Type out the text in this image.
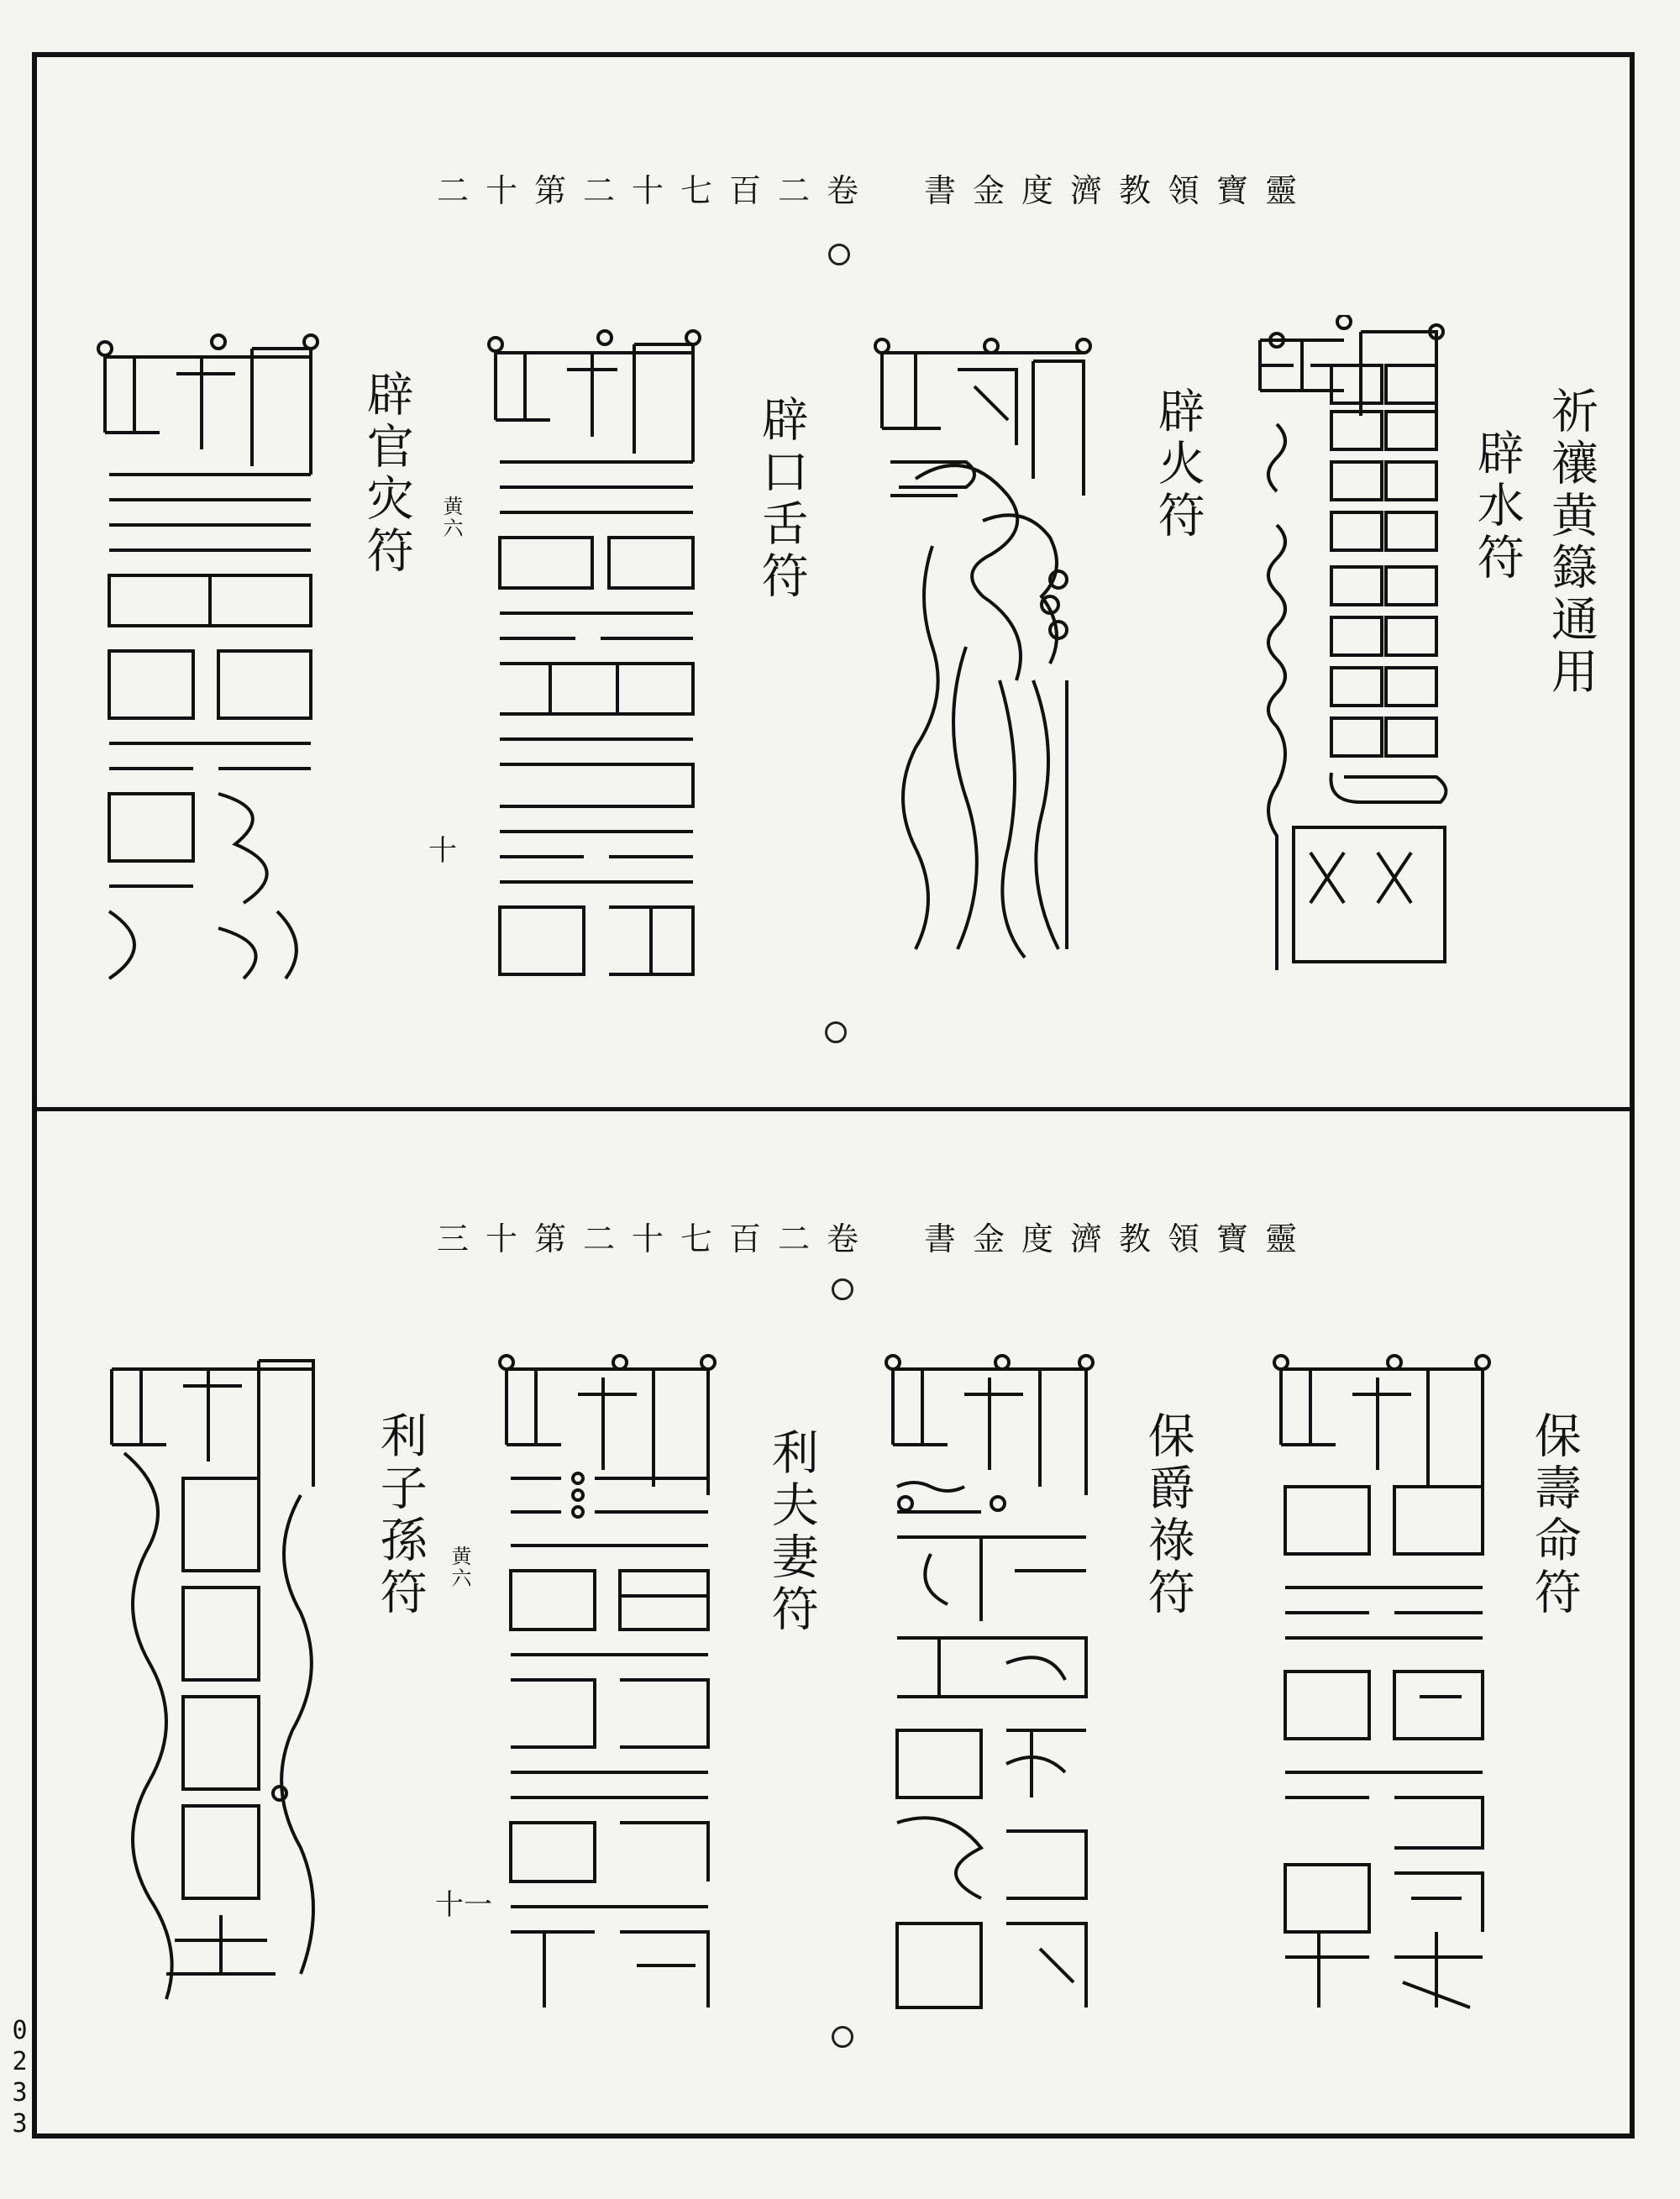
二十第二十七百二卷　書金度濟教領寶靈
祈禳黄籙通用
辟水符
辟火符
辟口舌符
辟官灾符 黄六
十
三十第二十七百二卷　書金度濟教領寶靈
保壽命符
保爵祿符
利夫妻符
利子孫符 黄六
十一
0233
